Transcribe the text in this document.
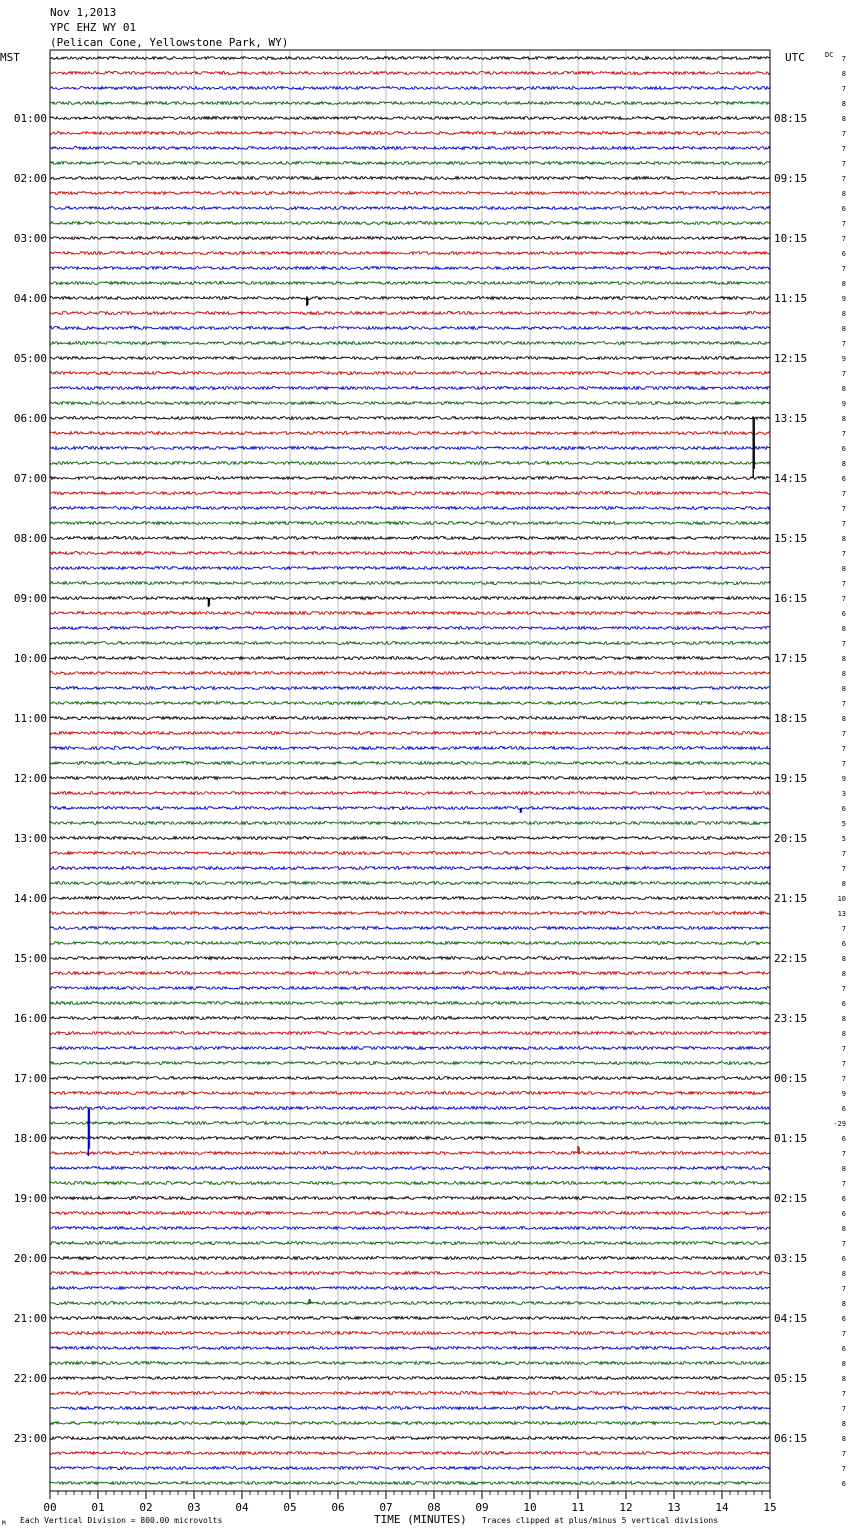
Nov 1,2013
YPC EHZ WY 01
(Pelican Cone, Yellowstone Park, WY)
MST	UTC	DC
01:00
02:00
03:00
04:00
05:00
06:00
07:00
08:00
09:00
10:00
11:00
12:00
13:00
14:00
15:00
16:00
17:00
18:00
19:00
20:00
21:00
22:00
23:00
08:15
09:15
10:15
11:15
12:15
13:15
14:15
15:15
16:15
17:15
18:15
19:15
20:15
21:15
22:15
23:15
00:15
01:15
02:15
03:15
04:15
05:15
06:15
7
8
7
8
8
7
7
7
7
8
6
7
7
6
7
8
9
8
8
7
9
7
8
9
8
7
6
8
6
7
7
7
8
7
8
7
7
6
8
7
8
8
8
7
8
7
7
7
9
3
6
5
5
7
7
8
10
13
7
6
8
8
7
6
8
8
7
7
7
9
6
-29
6
7
8
7
6
6
8
7
6
8
7
8
6
7
6
8
8
7
7
8
8
7
7
6
00	01	02	03	04	05	06	07	08	09	10	11	12	13	14	15
M Each Vertical Division = 800.00 microvolts	TIME (MINUTES) Traces clipped at plus/minus 5 vertical divisions
